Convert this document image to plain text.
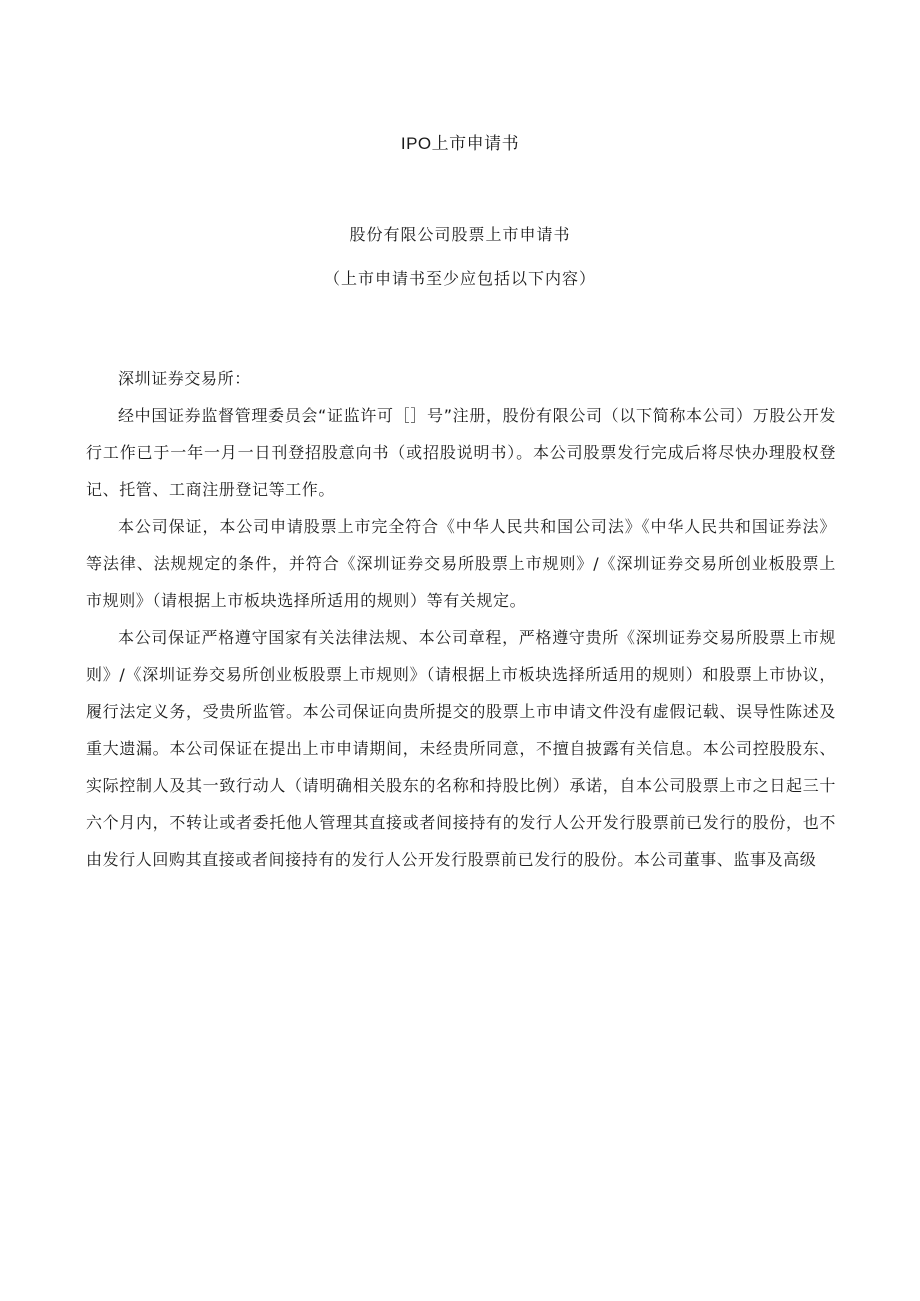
IPO上市申请书
股份有限公司股票上市申请书
（上市申请书至少应包括以下内容）

深圳证券交易所：

经中国证券监督管理委员会“证监许可［］号”注册，股份有限公司（以下简称本公司）万股公开发行工作已于一年一月一日刊登招股意向书（或招股说明书）。本公司股票发行完成后将尽快办理股权登记、托管、工商注册登记等工作。

本公司保证，本公司申请股票上市完全符合《中华人民共和国公司法》《中华人民共和国证券法》等法律、法规规定的条件，并符合《深圳证券交易所股票上市规则》/《深圳证券交易所创业板股票上市规则》（请根据上市板块选择所适用的规则）等有关规定。

本公司保证严格遵守国家有关法律法规、本公司章程，严格遵守贵所《深圳证券交易所股票上市规则》/《深圳证券交易所创业板股票上市规则》（请根据上市板块选择所适用的规则）和股票上市协议，履行法定义务，受贵所监管。本公司保证向贵所提交的股票上市申请文件没有虚假记载、误导性陈述及重大遗漏。本公司保证在提出上市申请期间，未经贵所同意，不擅自披露有关信息。本公司控股股东、实际控制人及其一致行动人（请明确相关股东的名称和持股比例）承诺，自本公司股票上市之日起三十六个月内，不转让或者委托他人管理其直接或者间接持有的发行人公开发行股票前已发行的股份，也不由发行人回购其直接或者间接持有的发行人公开发行股票前已发行的股份。本公司董事、监事及高级
